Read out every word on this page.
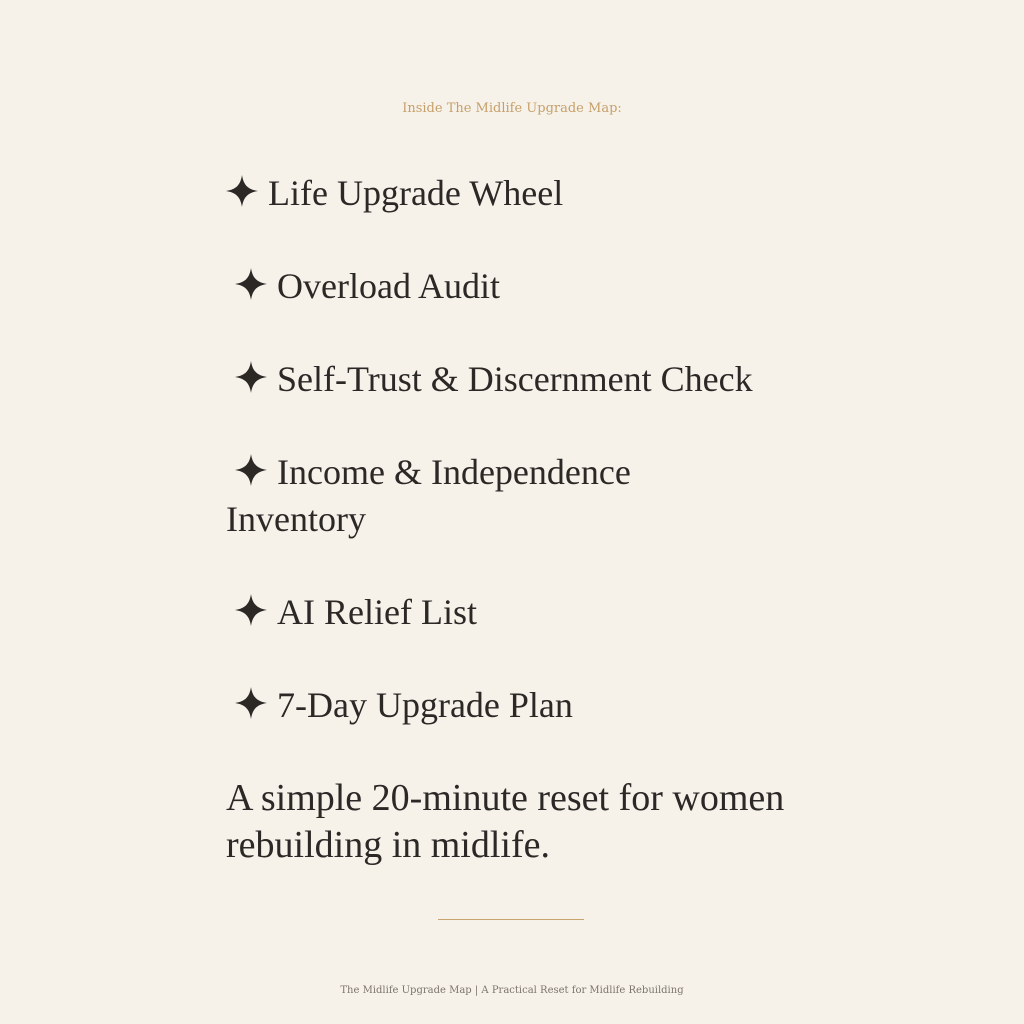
Inside The Midlife Upgrade Map:
Life Upgrade Wheel
Overload Audit
Self-Trust & Discernment Check
Income & Independence Inventory
AI Relief List
7-Day Upgrade Plan
A simple 20-minute reset for women rebuilding in midlife.
The Midlife Upgrade Map | A Practical Reset for Midlife Rebuilding
